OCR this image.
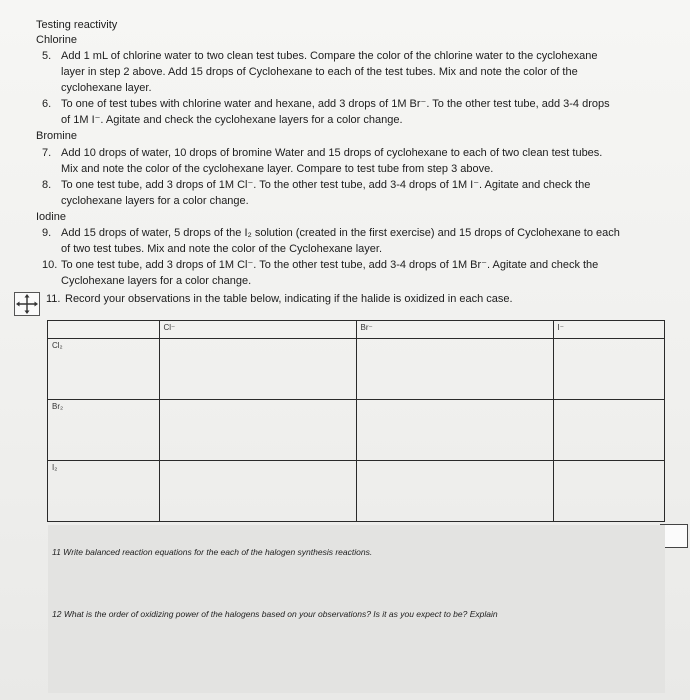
Testing reactivity
Chlorine
5. Add 1 mL of chlorine water to two clean test tubes. Compare the color of the chlorine water to the cyclohexane
layer in step 2 above. Add 15 drops of Cyclohexane to each of the test tubes. Mix and note the color of the
cyclohexane layer.
6. To one of test tubes with chlorine water and hexane, add 3 drops of 1M Br⁻. To the other test tube, add 3-4 drops
of 1M I⁻. Agitate and check the cyclohexane layers for a color change.
Bromine
7. Add 10 drops of water, 10 drops of bromine Water and 15 drops of cyclohexane to each of two clean test tubes.
Mix and note the color of the cyclohexane layer. Compare to test tube from step 3 above.
8. To one test tube, add 3 drops of 1M Cl⁻. To the other test tube, add 3-4 drops of 1M I⁻. Agitate and check the
cyclohexane layers for a color change.
Iodine
9. Add 15 drops of water, 5 drops of the I₂ solution (created in the first exercise) and 15 drops of Cyclohexane to each
of two test tubes. Mix and note the color of the Cyclohexane layer.
10. To one test tube, add 3 drops of 1M Cl⁻. To the other test tube, add 3-4 drops of 1M Br⁻. Agitate and check the
Cyclohexane layers for a color change.
11. Record your observations in the table below, indicating if the halide is oxidized in each case.
	Cl⁻	Br⁻	I⁻
Cl₂			
Br₂			
I₂			
11 Write balanced reaction equations for the each of the halogen synthesis reactions.
12 What is the order of oxidizing power of the halogens based on your observations? Is it as you expect to be? Explain
